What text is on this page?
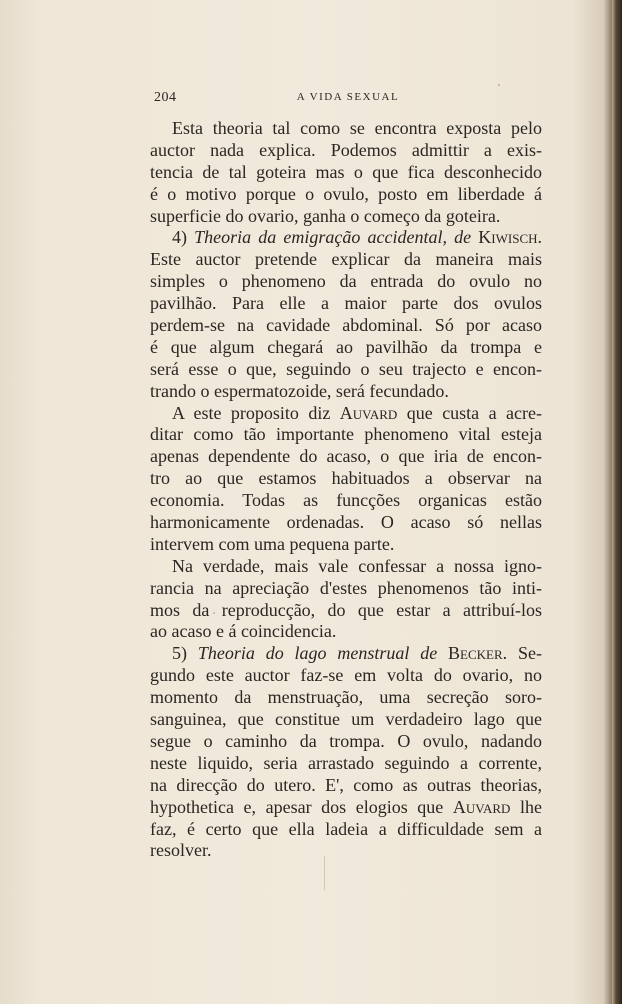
204	A VIDA SEXUAL
Esta theoria tal como se encontra exposta pelo
auctor nada explica. Podemos admittir a exis-
tencia de tal goteira mas o que fica desconhecido
é o motivo porque o ovulo, posto em liberdade á
superficie do ovario, ganha o começo da goteira.
4) Theoria da emigração accidental, de Kiwisch.
Este auctor pretende explicar da maneira mais
simples o phenomeno da entrada do ovulo no
pavilhão. Para elle a maior parte dos ovulos
perdem-se na cavidade abdominal. Só por acaso
é que algum chegará ao pavilhão da trompa e
será esse o que, seguindo o seu trajecto e encon-
trando o espermatozoide, será fecundado.
A este proposito diz Auvard que custa a acre-
ditar como tão importante phenomeno vital esteja
apenas dependente do acaso, o que iria de encon-
tro ao que estamos habituados a observar na
economia. Todas as funcções organicas estão
harmonicamente ordenadas. O acaso só nellas
intervem com uma pequena parte.
Na verdade, mais vale confessar a nossa igno-
rancia na apreciação d'estes phenomenos tão inti-
mos da reproducção, do que estar a attribuí-los
ao acaso e á coincidencia.
5) Theoria do lago menstrual de Becker. Se-
gundo este auctor faz-se em volta do ovario, no
momento da menstruação, uma secreção soro-
sanguinea, que constitue um verdadeiro lago que
segue o caminho da trompa. O ovulo, nadando
neste liquido, seria arrastado seguindo a corrente,
na direcção do utero. E', como as outras theorias,
hypothetica e, apesar dos elogios que Auvard lhe
faz, é certo que ella ladeia a difficuldade sem a
resolver.
